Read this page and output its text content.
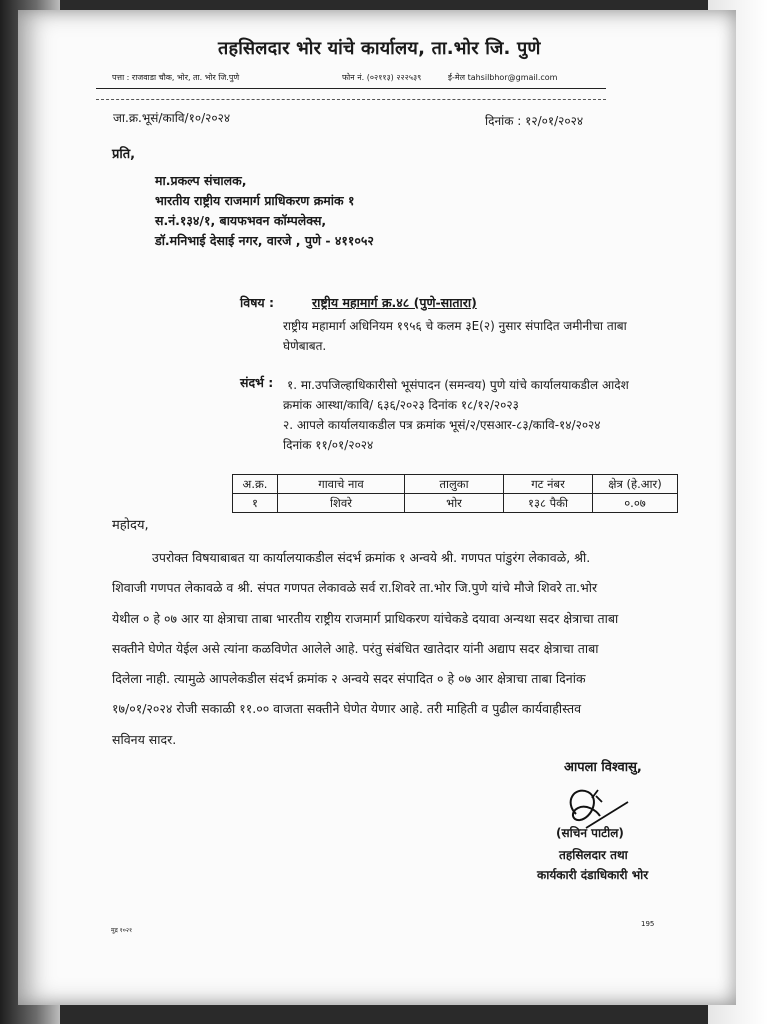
तहसिलदार भोर यांचे कार्यालय, ता.भोर जि. पुणे
पत्ता : राजवाडा चौक, भोर, ता. भोर जि.पुणे	फोन नं. (०२११३) २२२५३९	ई-मेल tahsilbhor@gmail.com
जा.क्र.भूसं/कावि/१०/२०२४	दिनांक : १२/०१/२०२४
प्रति,
मा.प्रकल्प संचालक,
भारतीय राष्ट्रीय राजमार्ग प्राधिकरण क्रमांक १
स.नं.१३४/१, बायफभवन कॉम्पलेक्स,
डॉ.मनिभाई देसाई नगर, वारजे , पुणे - ४११०५२
विषय :	राष्ट्रीय महामार्ग क्र.४८ (पुणे-सातारा)
राष्ट्रीय महामार्ग अधिनियम १९५६ चे कलम ३E(२) नुसार संपादित जमीनीचा ताबा
घेणेबाबत.
संदर्भ : १. मा.उपजिल्हाधिकारीसो भूसंपादन (समन्वय) पुणे यांचे कार्यालयाकडील आदेश
क्रमांक आस्था/कावि/ ६३६/२०२३ दिनांक १८/१२/२०२३
२. आपले कार्यालयाकडील पत्र क्रमांक भूसं/२/एसआर-८३/कावि-१४/२०२४
दिनांक ११/०१/२०२४
अ.क्र.	गावाचे नाव	तालुका	गट नंबर	क्षेत्र (हे.आर)
१	शिवरे	भोर	१३८ पैकी	०.०७
महोदय,
उपरोक्त विषयाबाबत या कार्यालयाकडील संदर्भ क्रमांक १ अन्वये श्री. गणपत पांडुरंग लेकावळे, श्री.
शिवाजी गणपत लेकावळे व श्री. संपत गणपत लेकावळे सर्व रा.शिवरे ता.भोर जि.पुणे यांचे मौजे शिवरे ता.भोर
येथील ० हे ०७ आर या क्षेत्राचा ताबा भारतीय राष्ट्रीय राजमार्ग प्राधिकरण यांचेकडे दयावा अन्यथा सदर क्षेत्राचा ताबा
सक्तीने घेणेत येईल असे त्यांना कळविणेत आलेले आहे. परंतु संबंधित खातेदार यांनी अद्याप सदर क्षेत्राचा ताबा
दिलेला नाही. त्यामुळे आपलेकडील संदर्भ क्रमांक २ अन्वये सदर संपादित ० हे ०७ आर क्षेत्राचा ताबा दिनांक
१७/०१/२०२४ रोजी सकाळी ११.०० वाजता सक्तीने घेणेत येणार आहे. तरी माहिती व पुढील कार्यवाहीस्तव
सविनय सादर.
आपला विश्वासु,
(सचिन पाटील)
तहसिलदार तथा
कार्यकारी दंडाधिकारी भोर
मुद्र १०२१
195
